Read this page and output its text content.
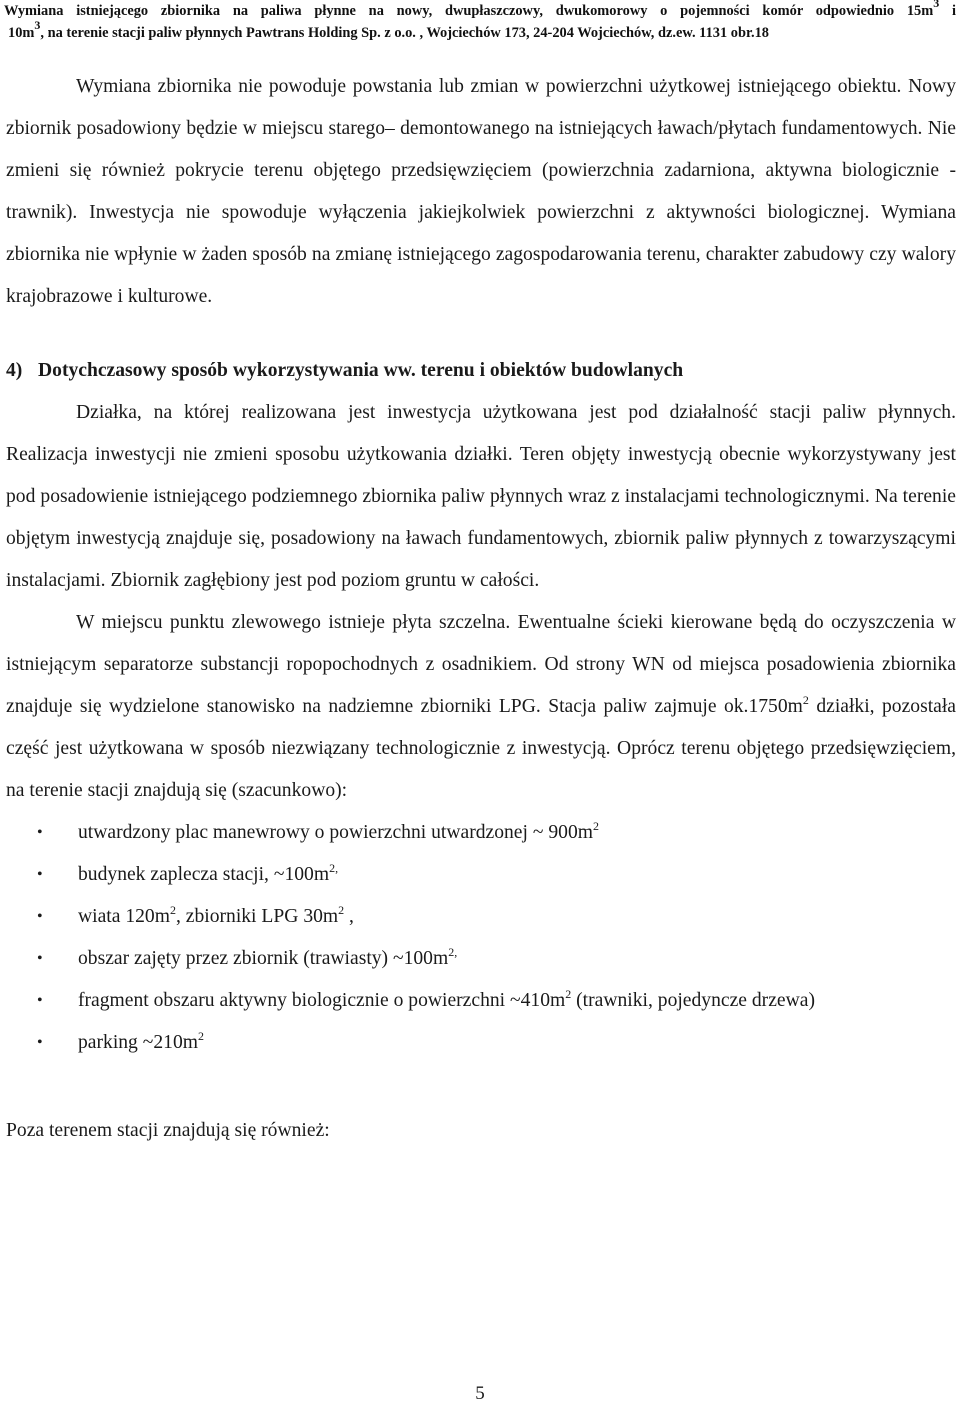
Wymiana istniejącego zbiornika na paliwa płynne na nowy, dwupłaszczowy, dwukomorowy o pojemności komór odpowiednio $15m^3$ i
$10m^3$, na terenie stacji paliw płynnych Pawtrans Holding Sp. z o.o. , Wojciechów 173, 24-204 Wojciechów, dz.ew. 1131 obr.18

Wymiana zbiornika nie powoduje powstania lub zmian w powierzchni użytkowej istniejącego obiektu. Nowy zbiornik posadowiony będzie w miejscu starego– demontowanego na istniejących ławach/płytach fundamentowych. Nie zmieni się również pokrycie terenu objętego przedsięwzięciem (powierzchnia zadarniona, aktywna biologicznie - trawnik). Inwestycja nie spowoduje wyłączenia jakiejkolwiek powierzchni z aktywności biologicznej. Wymiana zbiornika nie wpłynie w żaden sposób na zmianę istniejącego zagospodarowania terenu, charakter zabudowy czy walory krajobrazowe i kulturowe.

4) Dotychczasowy sposób wykorzystywania ww. terenu i obiektów budowlanych

Działka, na której realizowana jest inwestycja użytkowana jest pod działalność stacji paliw płynnych. Realizacja inwestycji nie zmieni sposobu użytkowania działki. Teren objęty inwestycją obecnie wykorzystywany jest pod posadowienie istniejącego podziemnego zbiornika paliw płynnych wraz z instalacjami technologicznymi. Na terenie objętym inwestycją znajduje się, posadowiony na ławach fundamentowych, zbiornik paliw płynnych z towarzyszącymi instalacjami. Zbiornik zagłębiony jest pod poziom gruntu w całości.

W miejscu punktu zlewowego istnieje płyta szczelna. Ewentualne ścieki kierowane będą do oczyszczenia w istniejącym separatorze substancji ropopochodnych z osadnikiem. Od strony WN od miejsca posadowienia zbiornika znajduje się wydzielone stanowisko na nadziemne zbiorniki LPG. Stacja paliw zajmuje $ok.1750m^2$ działki, pozostała część jest użytkowana w sposób niezwiązany technologicznie z inwestycją. Oprócz terenu objętego przedsięwzięciem, na terenie stacji znajdują się (szacunkowo):

• utwardzony plac manewrowy o powierzchni utwardzonej ~ $900m^2$
• budynek zaplecza stacji, $\sim 100m^{2,}$
• wiata $120m^2$, zbiorniki LPG $30m^2$ ,
• obszar zajęty przez zbiornik (trawiasty) $\sim 100m^{2,}$
• fragment obszaru aktywny biologicznie o powierzchni $\sim 410m^2$ (trawniki, pojedyncze drzewa)
• parking $\sim 210m^2$

Poza terenem stacji znajdują się również:

5
